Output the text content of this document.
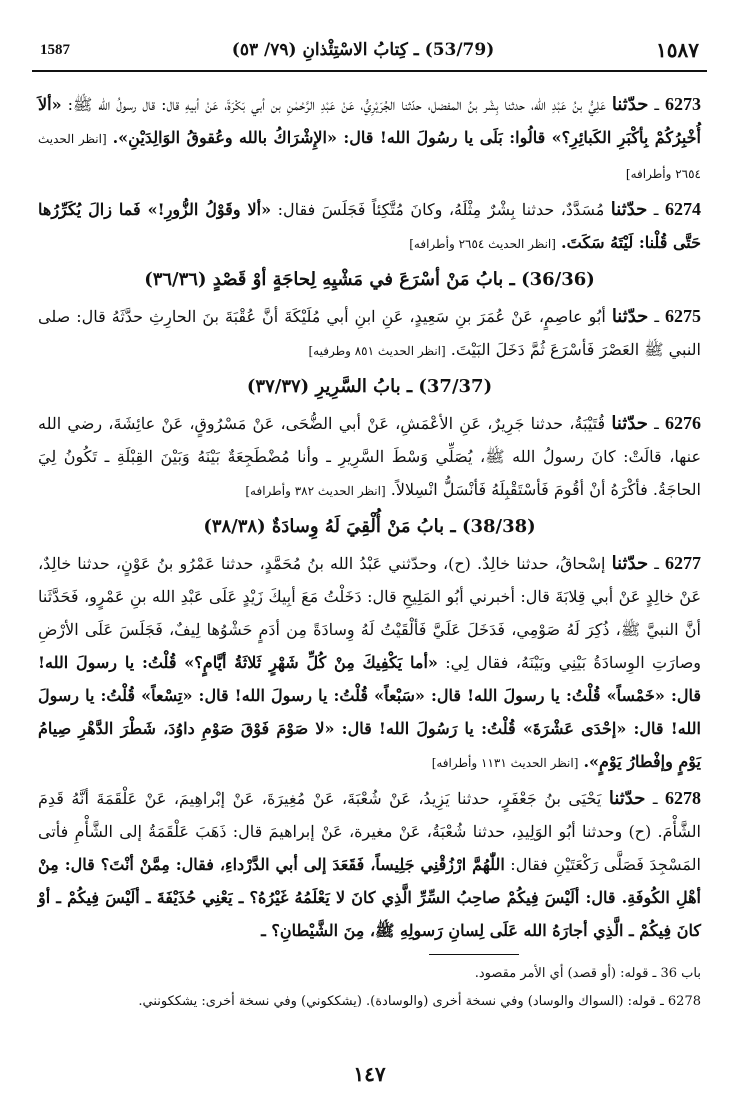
1587	(53/79) ـ كِتابُ الاسْتِئْذانِ (٧٩/ ٥٣)	١٥٨٧

6273 ـ حدّثنا عَلِيُّ بنُ عَبْدِ الله، حدثنا بِشْر بنُ المفضل، حدّثنا الجُرَيْرِيُّ، عَنْ عَبْدِ الرَّحْمٰنِ بن أبي بَكْرَةَ، عَنْ أبيهِ قال: قال رسولُ الله ﷺ: «ألاَ أُخْبِرُكُمْ بِأكْبَرِ الكَبائِرِ؟» قالُوا: بَلَى يا رسُولَ الله! قال: «الإِشْرَاكُ بالله وعُقوقُ الوَالِدَيْنِ». [انظر الحديث ٢٦٥٤ وأطرافه]

6274 ـ حدّثنا مُسَدَّدٌ، حدثنا بِشْرٌ مِثْلَهُ، وكانَ مُتَّكِئاً فَجَلَسَ فقال: «ألا وقَوْلُ الزُّورِ!» فَما زالَ يُكَرِّرُها حَتَّى قُلْنا: لَيْتَهُ سَكَتَ. [انظر الحديث ٢٦٥٤ وأطرافه]

(36/36) ـ بابُ مَنْ أسْرَعَ في مَشْيِهِ لِحاجَةٍ أوْ قَصْدٍ (٣٦/٣٦)

6275 ـ حدّثنا أبُو عاصِمٍ، عَنْ عُمَرَ بنِ سَعِيدٍ، عَنِ ابنِ أبي مُلَيْكَةَ أنَّ عُقْبَةَ بنَ الحارِثِ حدَّثَهُ قال: صلى النبي ﷺ العَصْرَ فَأسْرَعَ ثُمَّ دَخَلَ البَيْتَ. [انظر الحديث ٨٥١ وطرفيه]

(37/37) ـ بابُ السَّرِيرِ (٣٧/٣٧)

6276 ـ حدّثنا قُتَيْبَةُ، حدثنا جَرِيرٌ، عَنِ الأعْمَشِ، عَنْ أبي الضُّحَى، عَنْ مَسْرُوقٍ، عَنْ عائِشَةَ، رضي الله عنها، قالَتْ: كانَ رسولُ الله ﷺ، يُصَلِّي وَسْطَ السَّرِيرِ ـ وأنا مُضْطَجِعَةٌ بَيْنَهُ وَبَيْنَ القِبْلَةِ ـ تَكُونُ لِيَ الحاجَةُ. فأكْرَهُ أنْ أقُومَ فَأسْتَقْبِلَهُ فَأنْسَلُّ انْسِلالاً. [انظر الحديث ٣٨٢ وأطرافه]

(38/38) ـ بابُ مَنْ أُلْقِيَ لَهُ وِسادَةٌ (٣٨/٣٨)

6277 ـ حدّثنا إسْحاقُ، حدثنا خالِدٌ. (ح)، وحدّثني عَبْدُ الله بنُ مُحَمَّدٍ، حدثنا عَمْرُو بنُ عَوْنٍ، حدثنا خالِدٌ، عَنْ خالِدٍ عَنْ أبي قِلابَةَ قال: أخبرني أبُو المَلِيحِ قال: دَخَلْتُ مَعَ أبِيكَ زَيْدٍ عَلَى عَبْدِ الله بنِ عَمْرٍو، فَحَدَّثَنا أنَّ النبيَّ ﷺ، ذُكِرَ لَهُ صَوْمِي، فَدَخَلَ عَلَيَّ فَألْقَيْتُ لَهُ وِسادَةً مِن أدَمٍ حَشْوُها لِيفٌ، فَجَلَسَ عَلَى الأرْضِ وصارَتِ الوِسادَةُ بَيْنِي وبَيْنَهُ، فقال لِي: «أما يَكْفِيكَ مِنْ كُلِّ شَهْرٍ ثَلاثَةُ أيَّامٍ؟» قُلْتُ: يا رسولَ الله! قال: «خَمْساً» قُلْتُ: يا رسولَ الله! قال: «سَبْعاً» قُلْتُ: يا رسولَ الله! قال: «تِسْعاً» قُلْتُ: يا رسولَ الله! قال: «إحْدَى عَشْرَةَ» قُلْتُ: يا رَسُولَ الله! قال: «لا صَوْمَ فَوْقَ صَوْمِ داوُدَ، شَطْرَ الدَّهْرِ صِيامُ يَوْمٍ وإفْطارُ يَوْمٍ». [انظر الحديث ١١٣١ وأطرافه]

6278 ـ حدّثنا يَحْيَى بنُ جَعْفَرٍ، حدثنا يَزِيدُ، عَنْ شُعْبَةَ، عَنْ مُغِيرَةَ، عَنْ إبْراهِيمَ، عَنْ عَلْقَمَةَ أنَّهُ قَدِمَ الشَّأْمَ. (ح) وحدثنا أبُو الوَلِيدِ، حدثنا شُعْبَةُ، عَنْ مغيرة، عَنْ إبراهيمَ قال: ذَهَبَ عَلْقَمَةُ إلى الشَّأْمِ فأتى المَسْجِدَ فَصَلَّى رَكْعَتَيْنِ فقال: اللّٰهُمَّ ارْزُقْنِي جَلِيساً، فَقَعَدَ إلى أبي الدَّرْداءِ، فقال: مِمَّنْ أنْتَ؟ قال: مِنْ أهْلِ الكُوفَةِ. قال: ألَيْسَ فِيكُمْ صاحِبُ السِّرِّ الَّذِي كانَ لا يَعْلَمُهُ غَيْرُهُ؟ ـ يَعْنِي حُذَيْفَةَ ـ ألَيْسَ فِيكُمْ ـ أوْ كانَ فِيكُمْ ـ الَّذِي أجارَهُ الله عَلَى لِسانِ رَسولِهِ ﷺ، مِنَ الشَّيْطانِ؟ ـ

باب 36 ـ قوله: (أو قصد) أي الأمر مقصود.

6278 ـ قوله: (السواك والوساد) وفي نسخة أخرى (والوسادة). (يشككوني) وفي نسخة أخرى: يشككونني.

١٤٧
